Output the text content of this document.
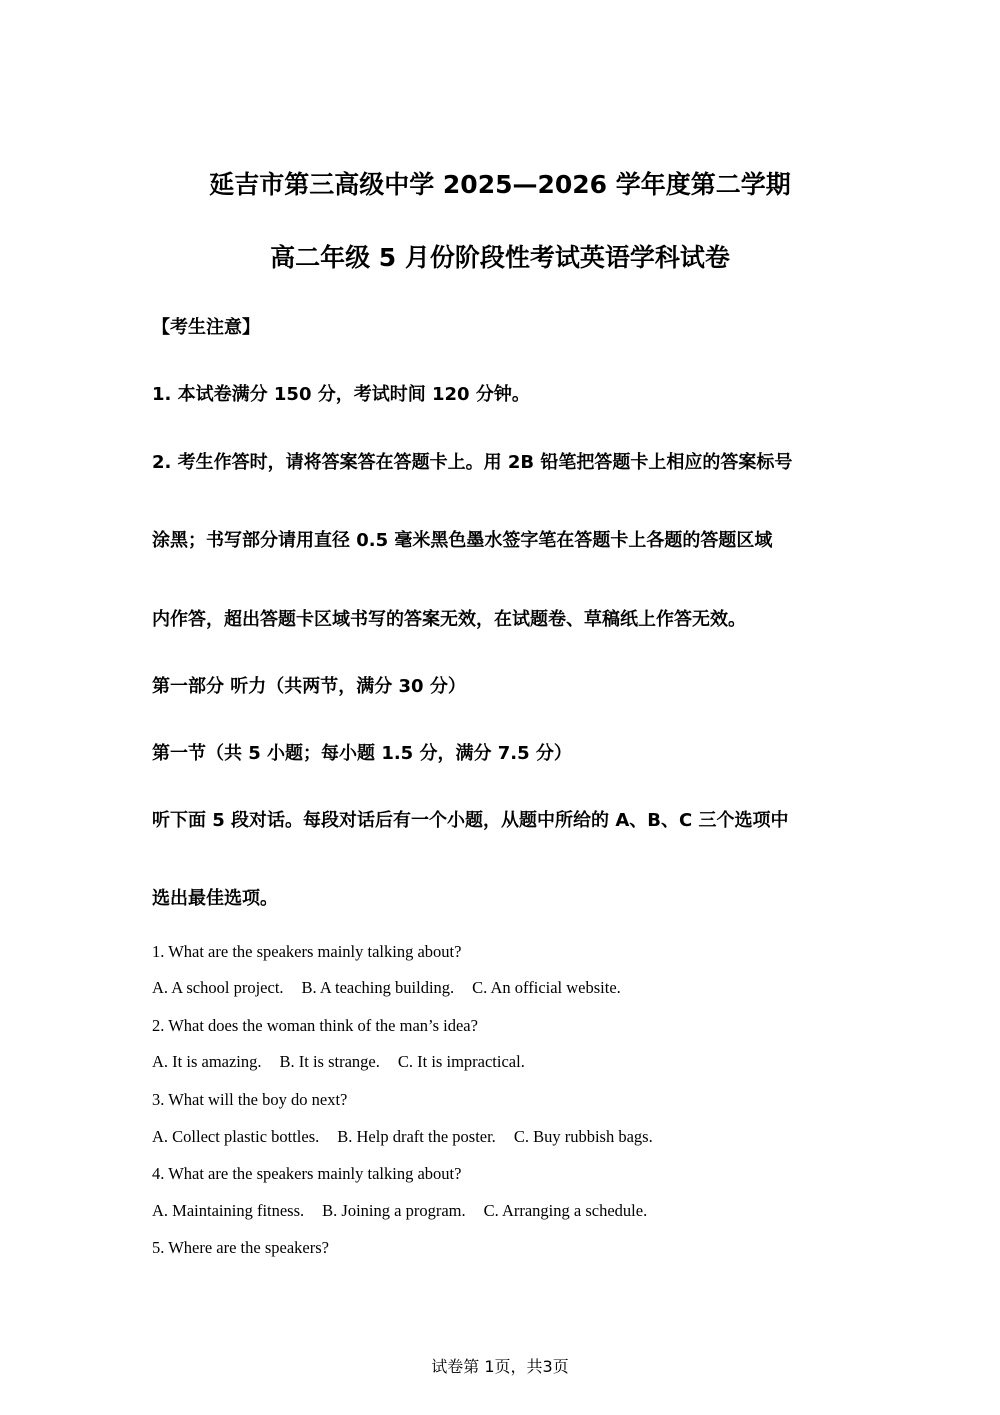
延吉市第三高级中学 2025—2026 学年度第二学期
高二年级 5 月份阶段性考试英语学科试卷
【考生注意】
1. 本试卷满分 150 分，考试时间 120 分钟。
2. 考生作答时，请将答案答在答题卡上。用 2B 铅笔把答题卡上相应的答案标号
涂黑；书写部分请用直径 0.5 毫米黑色墨水签字笔在答题卡上各题的答题区域
内作答，超出答题卡区域书写的答案无效，在试题卷、草稿纸上作答无效。
第一部分 听力（共两节，满分 30 分）
第一节（共 5 小题；每小题 1.5 分，满分 7.5 分）
听下面 5 段对话。每段对话后有一个小题，从题中所给的 A、B、C 三个选项中
选出最佳选项。
1. What are the speakers mainly talking about?
A. A school project. B. A teaching building. C. An official website.
2. What does the woman think of the man’s idea?
A. It is amazing. B. It is strange. C. It is impractical.
3. What will the boy do next?
A. Collect plastic bottles. B. Help draft the poster. C. Buy rubbish bags.
4. What are the speakers mainly talking about?
A. Maintaining fitness. B. Joining a program. C. Arranging a schedule.
5. Where are the speakers?
试卷第 1页，共3页
